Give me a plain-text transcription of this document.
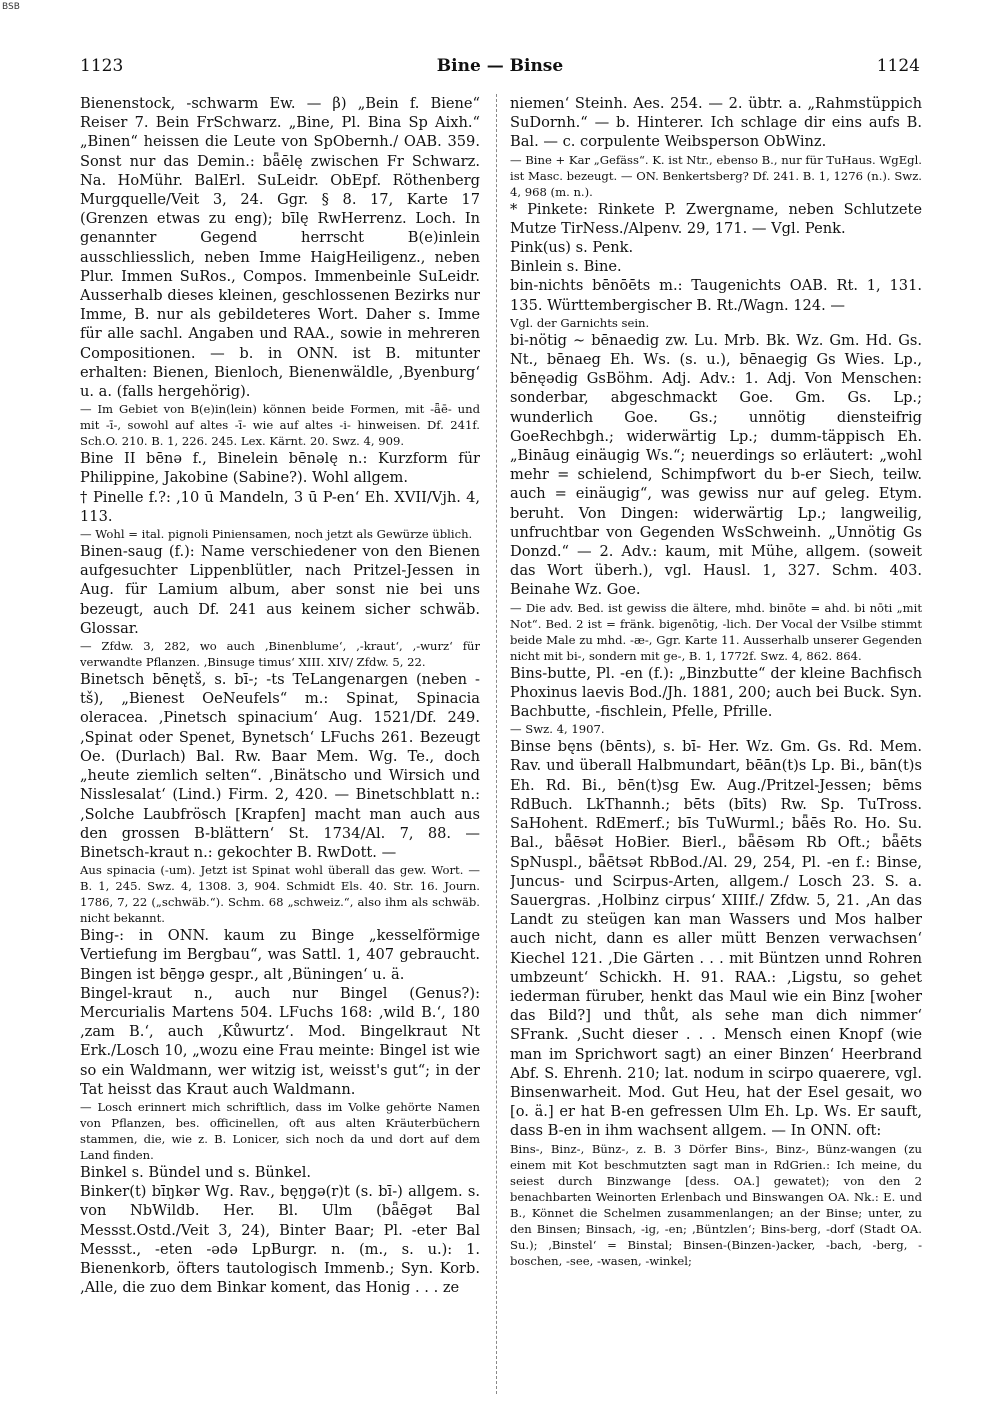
BSB
1123	Bine — Binse	1124
Bienenstock, -schwarm Ew. — β) „Bein f. Biene“ Reiser 7. Bein FrSchwarz. „Bine, Pl. Bina Sp Aixh.“ „Binen“ heissen die Leute von SpObernh./ OAB. 359. Sonst nur das Demin.: bǟēlę zwischen Fr Schwarz. Na. HoMühr. BalErl. SuLeidr. ObEpf. Röthenberg Murgquelle/Veit 3, 24. Ggr. § 8. 17, Karte 17 (Grenzen etwas zu eng); bīlę RwHerrenz. Loch. In genannter Gegend herrscht B(e)inlein ausschliesslich, neben Imme HaigHeiligenz., neben Plur. Immen SuRos., Compos. Immenbeinle SuLeidr. Ausserhalb dieses kleinen, geschlossenen Bezirks nur Imme, B. nur als gebildeteres Wort. Daher s. Imme für alle sachl. Angaben und RAA., sowie in mehreren Compositionen. — b. in ONN. ist B. mitunter erhalten: Bienen, Bienloch, Bienenwäldle, ‚Byenburg‘ u. a. (falls hergehörig).
— Im Gebiet von B(e)in(lein) können beide Formen, mit -ǟē- und mit -ī-, sowohl auf altes -ī- wie auf altes -i- hinweisen. Df. 241f. Sch.O. 210. B. 1, 226. 245. Lex. Kärnt. 20. Swz. 4, 909.
Bine II bēnə f., Binelein bēnəlę n.: Kurzform für Philippine, Jakobine (Sabine?). Wohl allgem.
† Pinelle f.?: ‚10 ū Mandeln, 3 ū P-en‘ Eh. XVII/Vjh. 4, 113.
— Wohl = ital. pignoli Piniensamen, noch jetzt als Gewürze üblich.
Binen-saug (f.): Name verschiedener von den Bienen aufgesuchter Lippenblütler, nach Pritzel-Jessen in Aug. für Lamium album, aber sonst nie bei uns bezeugt, auch Df. 241 aus keinem sicher schwäb. Glossar.
— Zfdw. 3, 282, wo auch ‚Binenblume‘, ‚-kraut‘, ‚-wurz‘ für verwandte Pflanzen. ‚Binsuge timus‘ XIII. XIV/ Zfdw. 5, 22.
Binetsch bēnętš, s. bī-; -ts TeLangenargen (neben -tš), „Bienest OeNeufels“ m.: Spinat, Spinacia oleracea. ‚Pinetsch spinacium‘ Aug. 1521/Df. 249. ‚Spinat oder Spenet, Bynetsch‘ LFuchs 261. Bezeugt Oe. (Durlach) Bal. Rw. Baar Mem. Wg. Te., doch „heute ziemlich selten“. ‚Binätscho und Wirsich und Nisslesalat‘ (Lind.) Firm. 2, 420. — Binetschblatt n.: ‚Solche Laubfrösch [Krapfen] macht man auch aus den grossen B-blättern‘ St. 1734/Al. 7, 88. — Binetsch-kraut n.: gekochter B. RwDott. —
Aus spinacia (-um). Jetzt ist Spinat wohl überall das gew. Wort. — B. 1, 245. Swz. 4, 1308. 3, 904. Schmidt Els. 40. Str. 16. Journ. 1786, 7, 22 („schwäb.“). Schm. 68 „schweiz.“, also ihm als schwäb. nicht bekannt.
Bing-: in ONN. kaum zu Binge „kesselförmige Vertiefung im Bergbau“, was Sattl. 1, 407 gebraucht. Bingen ist bēŋgə gespr., alt ‚Büningen‘ u. ä.
Bingel-kraut n., auch nur Bingel (Genus?): Mercurialis Martens 504. LFuchs 168: ‚wild B.‘, 180 ‚zam B.‘, auch ‚Kůwurtz‘. Mod. Bingelkraut Nt Erk./Losch 10, „wozu eine Frau meinte: Bingel ist wie so ein Waldmann, wer witzig ist, weisst's gut“; in der Tat heisst das Kraut auch Waldmann.
— Losch erinnert mich schriftlich, dass im Volke gehörte Namen von Pflanzen, bes. officinellen, oft aus alten Kräuterbüchern stammen, die, wie z. B. Lonicer, sich noch da und dort auf dem Land finden.
Binkel s. Bündel und s. Bünkel.
Binker(t) bīŋkər Wg. Rav., bęŋgə(r)t (s. bī-) allgem. s. von NbWildb. Her. Bl. Ulm (bǟēgət Bal Messst.Ostd./Veit 3, 24), Binter Baar; Pl. -eter Bal Messst., -eten -ədə LpBurgr. n. (m., s. u.): 1. Bienenkorb, öfters tautologisch Immenb.; Syn. Korb. ‚Alle, die zuo dem Binkar koment, das Honig . . . ze
niemen‘ Steinh. Aes. 254. — 2. übtr. a. „Rahmstüppich SuDornh.“ — b. Hinterer. Ich schlage dir eins aufs B. Bal. — c. corpulente Weibsperson ObWinz.
— Bine + Kar „Gefäss“. K. ist Ntr., ebenso B., nur für TuHaus. WgEgl. ist Masc. bezeugt. — ON. Benkertsberg? Df. 241. B. 1, 1276 (n.). Swz. 4, 968 (m. n.).
* Pinkete: Rinkete P. Zwergname, neben Schlutzete Mutze TirNess./Alpenv. 29, 171. — Vgl. Penk.
Pink(us) s. Penk.
Binlein s. Bine.
bin-nichts bēnōēts m.: Taugenichts OAB. Rt. 1, 131. 135. Württembergischer B. Rt./Wagn. 124. —
Vgl. der Garnichts sein.
bi-nötig ∼ bēnaedig zw. Lu. Mrb. Bk. Wz. Gm. Hd. Gs. Nt., bēnaeg Eh. Ws. (s. u.), bēnaegig Gs Wies. Lp., bēnęədig GsBöhm. Adj. Adv.: 1. Adj. Von Menschen: sonderbar, abgeschmackt Goe. Gm. Gs. Lp.; wunderlich Goe. Gs.; unnötig diensteifrig GoeRechbgh.; widerwärtig Lp.; dumm-täppisch Eh. „Bināug einäugig Ws.“; neuerdings so erläutert: „wohl mehr = schielend, Schimpfwort du b-er Siech, teilw. auch = einäugig“, was gewiss nur auf geleg. Etym. beruht. Von Dingen: widerwärtig Lp.; langweilig, unfruchtbar von Gegenden WsSchweinh. „Unnötig Gs Donzd.“ — 2. Adv.: kaum, mit Mühe, allgem. (soweit das Wort überh.), vgl. Hausl. 1, 327. Schm. 403. Beinahe Wz. Goe.
— Die adv. Bed. ist gewiss die ältere, mhd. binōte = ahd. bi nōti „mit Not“. Bed. 2 ist = fränk. bigenōtig, -lich. Der Vocal der Vsilbe stimmt beide Male zu mhd. -æ-, Ggr. Karte 11. Ausserhalb unserer Gegenden nicht mit bi-, sondern mit ge-, B. 1, 1772f. Swz. 4, 862. 864.
Bins-butte, Pl. -en (f.): „Binzbutte“ der kleine Bachfisch Phoxinus laevis Bod./Jh. 1881, 200; auch bei Buck. Syn. Bachbutte, -fischlein, Pfelle, Pfrille.
— Swz. 4, 1907.
Binse bęns (bēnts), s. bī- Her. Wz. Gm. Gs. Rd. Mem. Rav. und überall Halbmundart, bēān(t)s Lp. Bi., bān(t)s Eh. Rd. Bi., bēn(t)sg Ew. Aug./Pritzel-Jessen; bēms RdBuch. LkThannh.; bēts (bīts) Rw. Sp. TuTross. SaHohent. RdEmerf.; bīs TuWurml.; bǟēs Ro. Ho. Su. Bal., bǟēsət HoBier. Bierl., bǟēsəm Rb Oft.; bǟēts SpNuspl., bǟētsət RbBod./Al. 29, 254, Pl. -en f.: Binse, Juncus- und Scirpus-Arten, allgem./ Losch 23. S. a. Sauergras. ‚Holbinz cirpus‘ XIIIf./ Zfdw. 5, 21. ‚An das Landt zu steügen kan man Wassers und Mos halber auch nicht, dann es aller mütt Benzen verwachsen‘ Kiechel 121. ‚Die Gärten . . . mit Büntzen unnd Rohren umbzeunt‘ Schickh. H. 91. RAA.: ‚Ligstu, so gehet iederman füruber, henkt das Maul wie ein Binz [woher das Bild?] und thůt, als sehe man dich nimmer‘ SFrank. ‚Sucht dieser . . . Mensch einen Knopf (wie man im Sprichwort sagt) an einer Binzen‘ Heerbrand Abf. S. Ehrenh. 210; lat. nodum in scirpo quaerere, vgl. Binsenwarheit. Mod. Gut Heu, hat der Esel gesait, wo [o. ä.] er hat B-en gefressen Ulm Eh. Lp. Ws. Er sauft, dass B-en in ihm wachsent allgem. — In ONN. oft:
Bins-, Binz-, Bünz-, z. B. 3 Dörfer Bins-, Binz-, Bünz-wangen (zu einem mit Kot beschmutzten sagt man in RdGrien.: Ich meine, du seiest durch Binzwange [dess. OA.] gewatet); von den 2 benachbarten Weinorten Erlenbach und Binswangen OA. Nk.: E. und B., Könnet die Schelmen zusammenlangen; an der Binse; unter, zu den Binsen; Binsach, -ig, -en; ‚Büntzlen‘; Bins-berg, -dorf (Stadt OA. Su.); ‚Binstel‘ = Binstal; Binsen-(Binzen-)acker, -bach, -berg, -boschen, -see, -wasen, -winkel;
